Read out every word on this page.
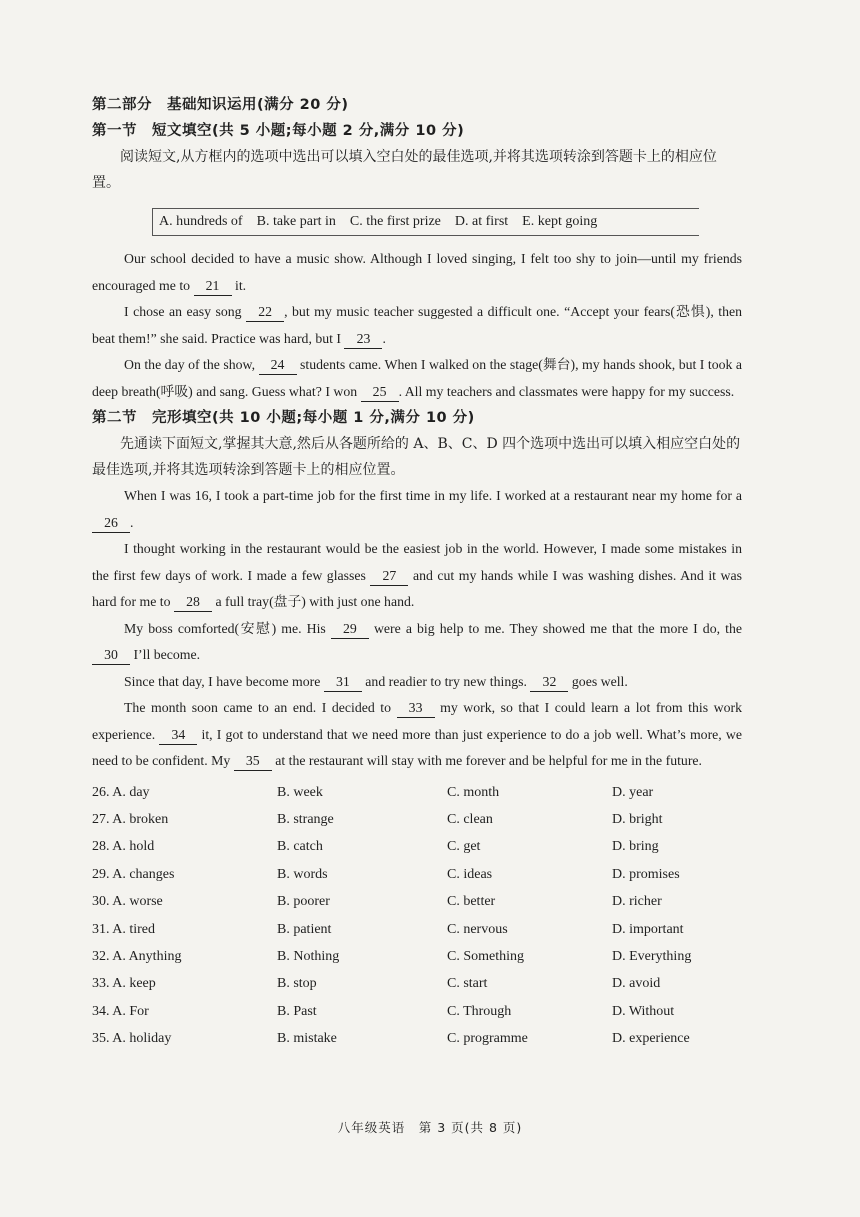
第二部分　基础知识运用(满分 20 分)
第一节　短文填空(共 5 小题;每小题 2 分,满分 10 分)

阅读短文,从方框内的选项中选出可以填入空白处的最佳选项,并将其选项转涂到答题卡上的相应位置。

A. hundreds of B. take part in C. the first prize D. at first E. kept going

Our school decided to have a music show. Although I loved singing, I felt too shy to join—until my friends encouraged me to 21 it.

I chose an easy song 22 , but my music teacher suggested a difficult one. “Accept your fears(恐惧), then beat them!” she said. Practice was hard, but I 23 .

On the day of the show, 24 students came. When I walked on the stage(舞台), my hands shook, but I took a deep breath(呼吸) and sang. Guess what? I won 25 . All my teachers and classmates were happy for my success.

第二节　完形填空(共 10 小题;每小题 1 分,满分 10 分)

先通读下面短文,掌握其大意,然后从各题所给的 A、B、C、D 四个选项中选出可以填入相应空白处的最佳选项,并将其选项转涂到答题卡上的相应位置。

When I was 16, I took a part-time job for the first time in my life. I worked at a restaurant near my home for a 26 .

I thought working in the restaurant would be the easiest job in the world. However, I made some mistakes in the first few days of work. I made a few glasses 27 and cut my hands while I was washing dishes. And it was hard for me to 28 a full tray(盘子) with just one hand.

My boss comforted(安慰) me. His 29 were a big help to me. They showed me that the more I do, the 30 I’ll become.

Since that day, I have become more 31 and readier to try new things. 32 goes well.

The month soon came to an end. I decided to 33 my work, so that I could learn a lot from this work experience. 34 it, I got to understand that we need more than just experience to do a job well. What’s more, we need to be confident. My 35 at the restaurant will stay with me forever and be helpful for me in the future.

26. A. day	B. week	C. month	D. year
27. A. broken	B. strange	C. clean	D. bright
28. A. hold	B. catch	C. get	D. bring
29. A. changes	B. words	C. ideas	D. promises
30. A. worse	B. poorer	C. better	D. richer
31. A. tired	B. patient	C. nervous	D. important
32. A. Anything	B. Nothing	C. Something	D. Everything
33. A. keep	B. stop	C. start	D. avoid
34. A. For	B. Past	C. Through	D. Without
35. A. holiday	B. mistake	C. programme	D. experience
八年级英语　第 3 页(共 8 页)
